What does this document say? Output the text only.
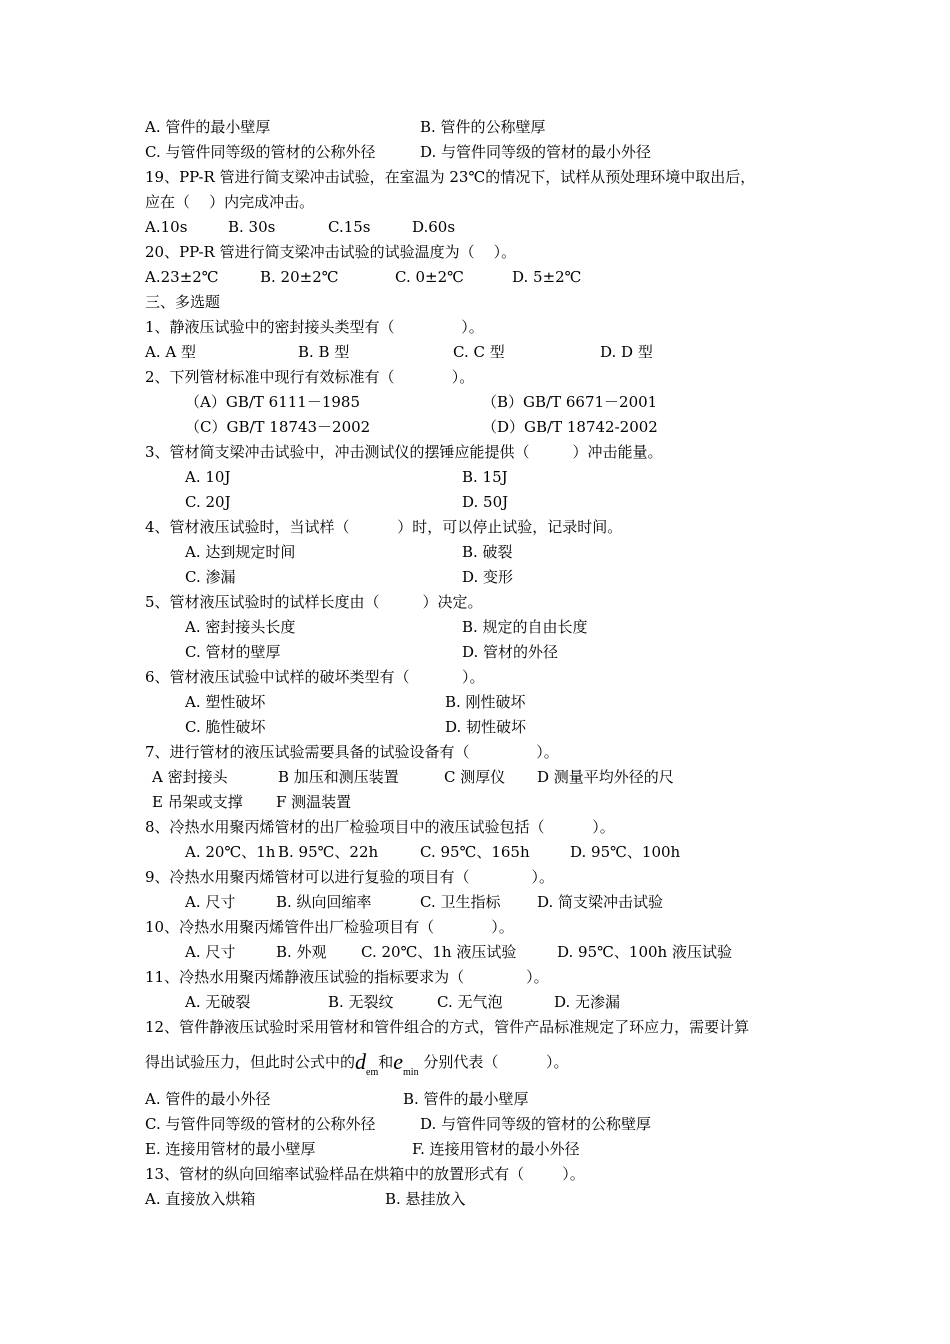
A. 管件的最小壁厚	B. 管件的公称壁厚
C. 与管件同等级的管材的公称外径	D. 与管件同等级的管材的最小外径
19、PP-R 管进行简支梁冲击试验，在室温为 23℃的情况下，试样从预处理环境中取出后，
应在（    ）内完成冲击。
A.10s	B. 30s	C.15s	D.60s
20、PP-R 管进行简支梁冲击试验的试验温度为（    ）。
A.23±2℃	B. 20±2℃	C. 0±2℃	D. 5±2℃
三、多选题
1、静液压试验中的密封接头类型有（              ）。
A. A 型	B. B 型	C. C 型	D. D 型
2、下列管材标准中现行有效标准有（            ）。
（A）GB/T 6111－1985	（B）GB/T 6671－2001
（C）GB/T 18743－2002	（D）GB/T 18742-2002
3、管材简支梁冲击试验中，冲击测试仪的摆锤应能提供（         ）冲击能量。
A. 10J	B. 15J
C. 20J	D. 50J
4、管材液压试验时，当试样（          ）时，可以停止试验，记录时间。
A. 达到规定时间	B. 破裂
C. 渗漏	D. 变形
5、管材液压试验时的试样长度由（         ）决定。
A. 密封接头长度	B. 规定的自由长度
C. 管材的壁厚	D. 管材的外径
6、管材液压试验中试样的破坏类型有（           ）。
A. 塑性破坏	B. 刚性破坏
C. 脆性破坏	D. 韧性破坏
7、进行管材的液压试验需要具备的试验设备有（              ）。
A 密封接头	B 加压和测压装置	C 测厚仪 D 测量平均外径的尺
E 吊架或支撑 F 测温装置
8、冷热水用聚丙烯管材的出厂检验项目中的液压试验包括（          ）。
A. 20℃、1h B. 95℃、22h	C. 95℃、165h	D. 95℃、100h
9、冷热水用聚丙烯管材可以进行复验的项目有（             ）。
A. 尺寸	B. 纵向回缩率	C. 卫生指标 D. 简支梁冲击试验
10、冷热水用聚丙烯管件出厂检验项目有（            ）。
A. 尺寸	B. 外观 C. 20℃、1h 液压试验	D. 95℃、100h 液压试验
11、冷热水用聚丙烯静液压试验的指标要求为（             ）。
A. 无破裂	B. 无裂纹	C. 无气泡	D. 无渗漏
12、管件静液压试验时采用管材和管件组合的方式，管件产品标准规定了环应力，需要计算
A. 管件的最小外径	B. 管件的最小壁厚
C. 与管件同等级的管材的公称外径	D. 与管件同等级的管材的公称壁厚
E. 连接用管材的最小壁厚	F. 连接用管材的最小外径
13、管材的纵向回缩率试验样品在烘箱中的放置形式有（        ）。
A. 直接放入烘箱	B. 悬挂放入
得出试验压力，但此时公式中的$d_{em}$和$e_{min}$ 分别代表（          ）。
